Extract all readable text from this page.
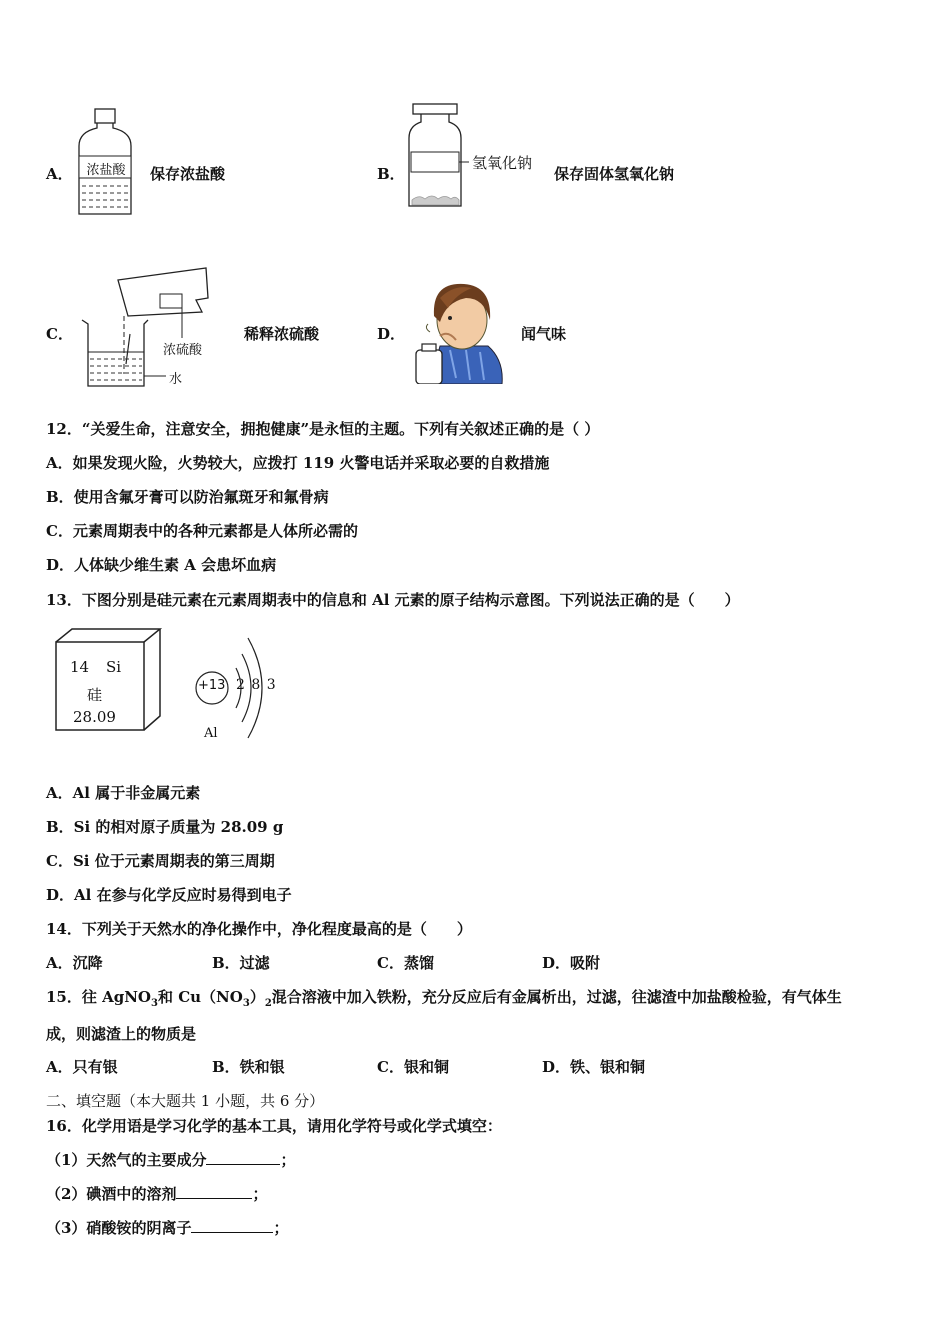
A．	浓盐酸	保存浓盐酸	B．
氢氧化钠
保存固体氢氧化钠
C．
浓硫酸
水
稀释浓硫酸	D．	闻气味
12．“关爱生命，注意安全，拥抱健康”是永恒的主题。下列有关叙述正确的是（ ）
A．如果发现火险，火势较大，应拨打 119 火警电话并采取必要的自救措施
B．使用含氟牙膏可以防治氟斑牙和氟骨病
C．元素周期表中的各种元素都是人体所必需的
D．人体缺少维生素 A 会患坏血病
13．下图分别是硅元素在元素周期表中的信息和 Al 元素的原子结构示意图。下列说法正确的是（　　）
14 Si
硅
28.09
+13 2 8 3
Al
A．Al 属于非金属元素
B．Si 的相对原子质量为 28.09 g
C．Si 位于元素周期表的第三周期
D．Al 在参与化学反应时易得到电子
14．下列关于天然水的净化操作中，净化程度最高的是（　　）
A．沉降	B．过滤	C．蒸馏	D．吸附
15．往 AgNO$_3$和 $Cu(NO_3)_2$混合溶液中加入铁粉，充分反应后有金属析出，过滤，往滤渣中加盐酸检验，有气体生
成，则滤渣上的物质是
A．只有银	B．铁和银	C．银和铜	D．铁、银和铜
二、填空题（本大题共 1 小题，共 6 分）
16．化学用语是学习化学的基本工具，请用化学符号或化学式填空：
（1）天然气的主要成分	；
（2）碘酒中的溶剂	；
（3）硝酸铵的阴离子	；
